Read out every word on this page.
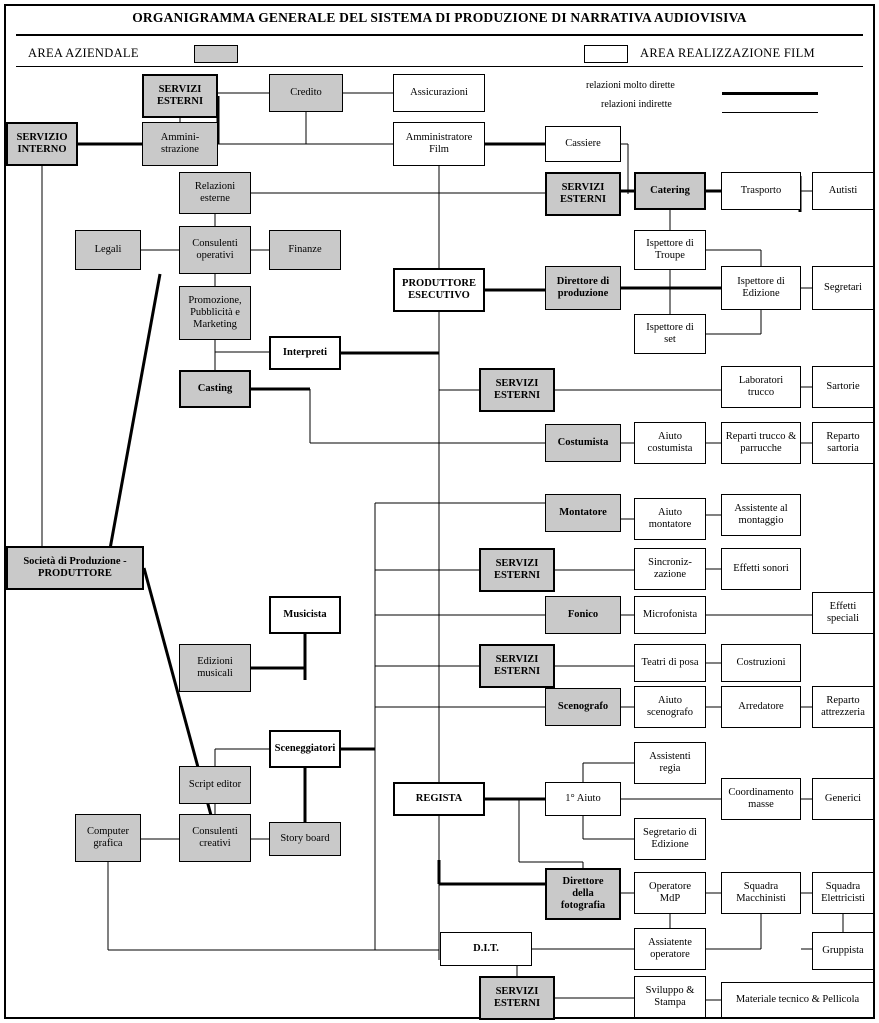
ORGANIGRAMMA GENERALE DEL SISTEMA DI PRODUZIONE DI NARRATIVA AUDIOVISIVA
AREA AZIENDALE	AREA REALIZZAZIONE FILM
relazioni molto dirette
relazioni indirette
SERVIZI
ESTERNI
Credito	Assicurazioni
SERVIZIO
INTERNO
Ammini-
strazione
Amministratore
Film
Cassiere
Relazioni
esterne
SERVIZI
ESTERNI
Catering	Trasporto	Autisti
Legali
Consulenti
operativi
Finanze
Ispettore di
Troupe
Promozione,
Pubblicità e
Marketing
PRODUTTORE
ESECUTIVO
Direttore di
produzione
Ispettore di
Edizione
Segretari
Ispettore di
set
Interpreti
Casting	SERVIZI
ESTERNI
Laboratori
trucco
Sartorie
Costumista
Aiuto
costumista
Reparti trucco &
parrucche
Reparto
sartoria
Montatore	Aiuto
montatore
Assistente al
montaggio
Società di Produzione -
PRODUTTORE
SERVIZI
ESTERNI
Sincroniz-
zazione
Effetti sonori
Musicista	Fonico	Microfonista
Effetti
speciali
Edizioni
musicali
SERVIZI
ESTERNI
Teatri di posa	Costruzioni
Scenografo
Aiuto
scenografo
Arredatore
Reparto
attrezzeria
Sceneggiatori
Assistenti
regia
Script editor
REGISTA	1° Aiuto
Coordinamento
masse
Generici
Computer
grafica
Consulenti
creativi	Story board
Segretario di
Edizione
Direttore
della
fotografia
Operatore
MdP
Squadra
Macchinisti
Squadra
Elettricisti
Assiatente
operatore
D.I.T.	Gruppista
SERVIZI
ESTERNI
Sviluppo &
Stampa	Materiale tecnico & Pellicola
